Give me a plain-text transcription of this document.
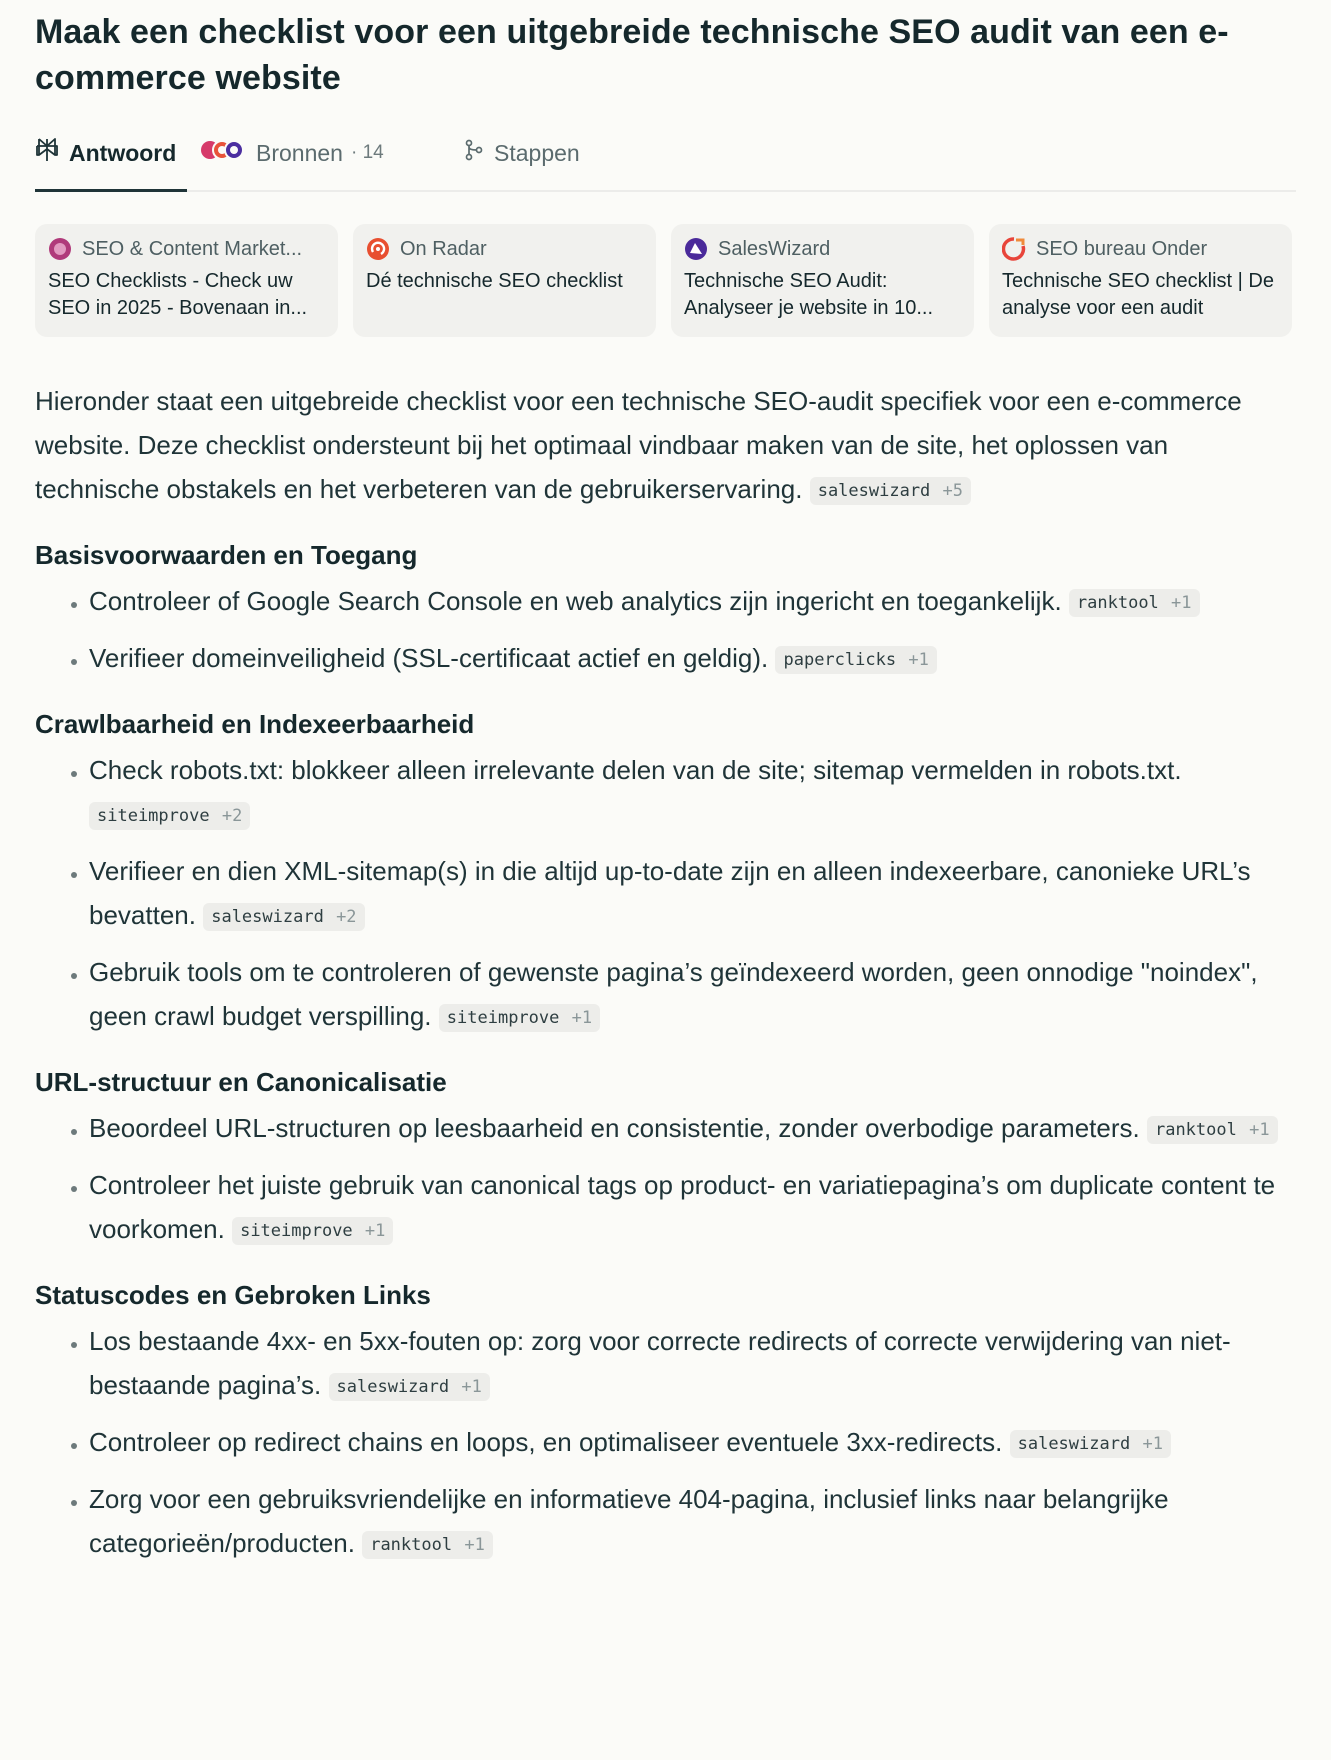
Maak een checklist voor een uitgebreide technische SEO audit van een e-commerce website
Antwoord	Bronnen · 14	Stappen
SEO & Content Market...
SEO Checklists - Check uw SEO in 2025 - Bovenaan in...
On Radar
Dé technische SEO checklist
SalesWizard
Technische SEO Audit: Analyseer je website in 10...
SEO bureau Onder
Technische SEO checklist | De analyse voor een audit

Hieronder staat een uitgebreide checklist voor een technische SEO-audit specifiek voor een e-commerce website. Deze checklist ondersteunt bij het optimaal vindbaar maken van de site, het oplossen van technische obstakels en het verbeteren van de gebruikerservaring. saleswizard +5

Basisvoorwaarden en Toegang
• Controleer of Google Search Console en web analytics zijn ingericht en toegankelijk. ranktool +1
• Verifieer domeinveiligheid (SSL-certificaat actief en geldig). paperclicks +1
Crawlbaarheid en Indexeerbaarheid
• Check robots.txt: blokkeer alleen irrelevante delen van de site; sitemap vermelden in robots.txt. siteimprove +2
• Verifieer en dien XML-sitemap(s) in die altijd up-to-date zijn en alleen indexeerbare, canonieke URL’s bevatten. saleswizard +2
• Gebruik tools om te controleren of gewenste pagina’s geïndexeerd worden, geen onnodige "noindex", geen crawl budget verspilling. siteimprove +1
URL-structuur en Canonicalisatie
• Beoordeel URL-structuren op leesbaarheid en consistentie, zonder overbodige parameters. ranktool +1
• Controleer het juiste gebruik van canonical tags op product- en variatiepagina’s om duplicate content te voorkomen. siteimprove +1
Statuscodes en Gebroken Links
• Los bestaande 4xx- en 5xx-fouten op: zorg voor correcte redirects of correcte verwijdering van niet-bestaande pagina’s. saleswizard +1
• Controleer op redirect chains en loops, en optimaliseer eventuele 3xx-redirects. saleswizard +1
• Zorg voor een gebruiksvriendelijke en informatieve 404-pagina, inclusief links naar belangrijke categorieën/producten. ranktool +1
